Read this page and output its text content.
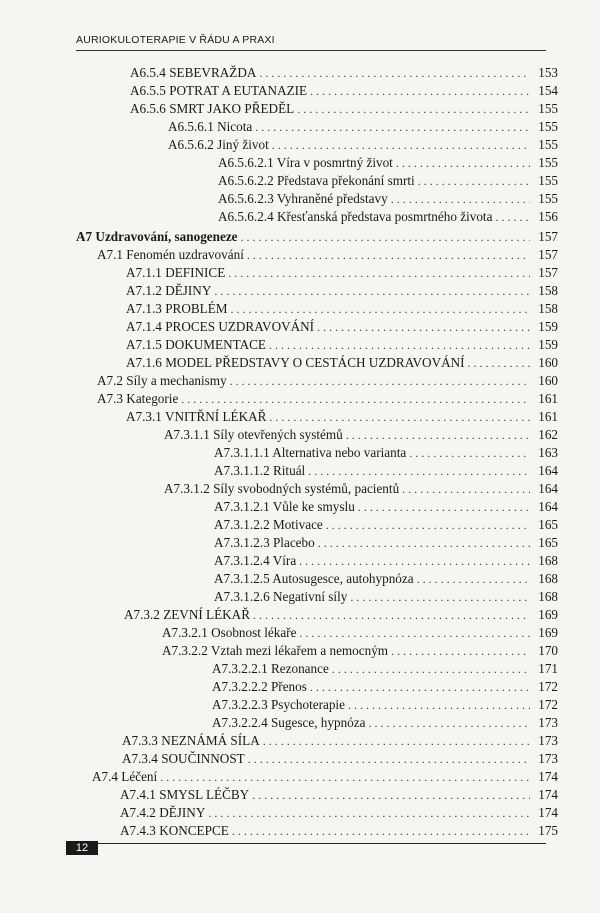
AURIOKULOTERAPIE V ŘÁDU A PRAXI
A6.5.4 SEBEVRAŽDA . . .	153
A6.5.5 POTRAT A EUTANAZIE . . .	154
A6.5.6 SMRT JAKO PŘEDĚL . . .	155
A6.5.6.1 Nicota . . .	155
A6.5.6.2 Jiný život . . .	155
A6.5.6.2.1 Víra v posmrtný život . . .	155
A6.5.6.2.2 Představa překonání smrti . . .	155
A6.5.6.2.3 Vyhraněné představy . . .	155
A6.5.6.2.4 Křesťanská představa posmrtného života . . .	156
A7 Uzdravování, sanogeneze . . .	157
A7.1 Fenomén uzdravování . . .	157
A7.1.1 DEFINICE . . .	157
A7.1.2 DĚJINY . . .	158
A7.1.3 PROBLÉM . . .	158
A7.1.4 PROCES UZDRAVOVÁNÍ . . .	159
A7.1.5 DOKUMENTACE . . .	159
A7.1.6 MODEL PŘEDSTAVY O CESTÁCH UZDRAVOVÁNÍ . . .	160
A7.2 Síly a mechanismy . . .	160
A7.3 Kategorie . . .	161
A7.3.1 VNITŘNÍ LÉKAŘ . . .	161
A7.3.1.1 Síly otevřených systémů . . .	162
A7.3.1.1.1 Alternativa nebo varianta . . .	163
A7.3.1.1.2 Rituál . . .	164
A7.3.1.2 Síly svobodných systémů, pacientů . . .	164
A7.3.1.2.1 Vůle ke smyslu . . .	164
A7.3.1.2.2 Motivace . . .	165
A7.3.1.2.3 Placebo . . .	165
A7.3.1.2.4 Víra . . .	168
A7.3.1.2.5 Autosugesce, autohypnóza . . .	168
A7.3.1.2.6 Negativní síly . . .	168
A7.3.2 ZEVNÍ LÉKAŘ . . .	169
A7.3.2.1 Osobnost lékaře . . .	169
A7.3.2.2 Vztah mezi lékařem a nemocným . . .	170
A7.3.2.2.1 Rezonance . . .	171
A7.3.2.2.2 Přenos . . .	172
A7.3.2.2.3 Psychoterapie . . .	172
A7.3.2.2.4 Sugesce, hypnóza . . .	173
A7.3.3 NEZNÁMÁ SÍLA . . .	173
A7.3.4 SOUČINNOST . . .	173
A7.4 Léčení . . .	174
A7.4.1 SMYSL LÉČBY . . .	174
A7.4.2 DĚJINY . . .	174
A7.4.3 KONCEPCE . . .	175
12
